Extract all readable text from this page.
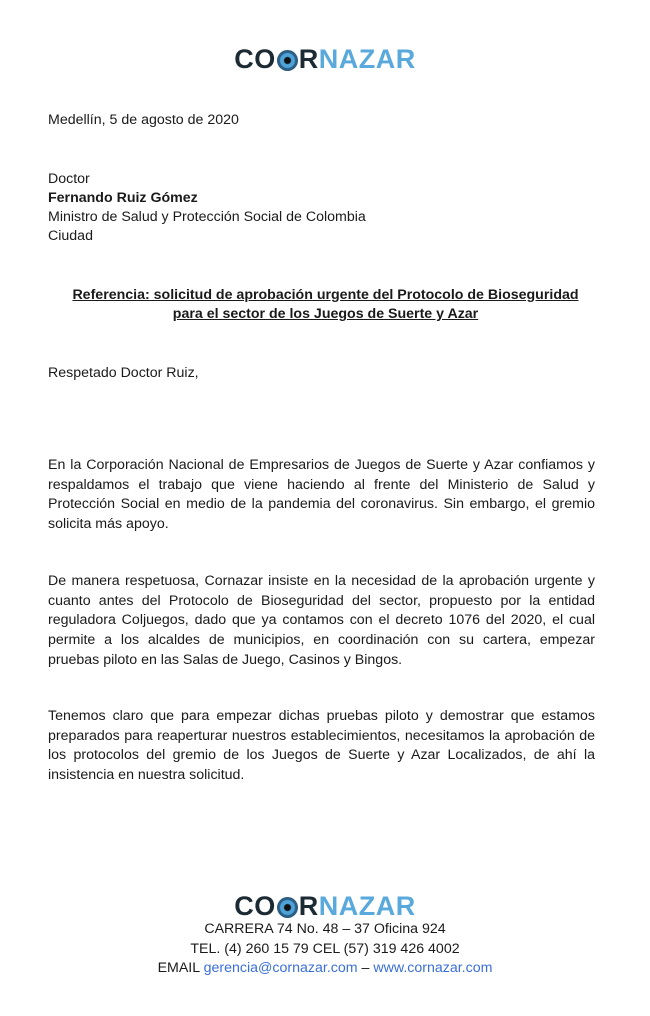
CO RNAZAR
Medellín, 5 de agosto de 2020
Doctor
Fernando Ruiz Gómez
Ministro de Salud y Protección Social de Colombia
Ciudad
Referencia: solicitud de aprobación urgente del Protocolo de Bioseguridad
para el sector de los Juegos de Suerte y Azar
Respetado Doctor Ruiz,

En la Corporación Nacional de Empresarios de Juegos de Suerte y Azar confiamos y respaldamos el trabajo que viene haciendo al frente del Ministerio de Salud y Protección Social en medio de la pandemia del coronavirus. Sin embargo, el gremio solicita más apoyo.

De manera respetuosa, Cornazar insiste en la necesidad de la aprobación urgente y cuanto antes del Protocolo de Bioseguridad del sector, propuesto por la entidad reguladora Coljuegos, dado que ya contamos con el decreto 1076 del 2020, el cual permite a los alcaldes de municipios, en coordinación con su cartera, empezar pruebas piloto en las Salas de Juego, Casinos y Bingos.

Tenemos claro que para empezar dichas pruebas piloto y demostrar que estamos preparados para reaperturar nuestros establecimientos, necesitamos la aprobación de los protocolos del gremio de los Juegos de Suerte y Azar Localizados, de ahí la insistencia en nuestra solicitud.

CO RNAZAR
CARRERA 74 No. 48 – 37 Oficina 924
TEL. (4) 260 15 79 CEL (57) 319 426 4002
EMAIL gerencia@cornazar.com – www.cornazar.com
